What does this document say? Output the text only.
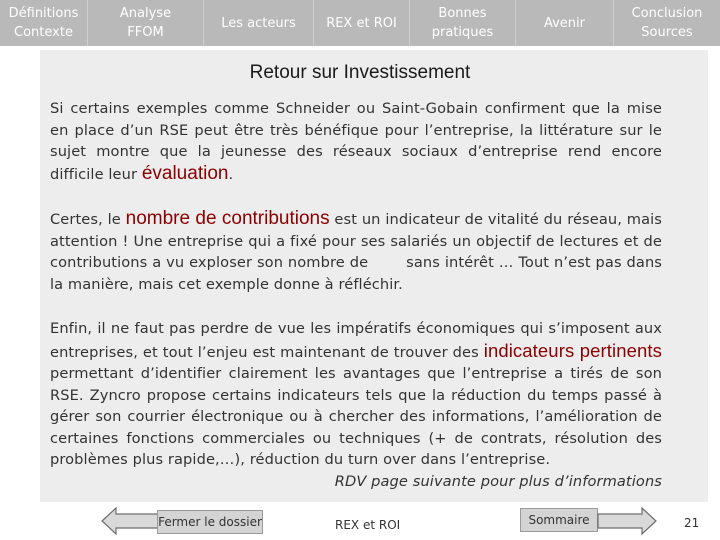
Définitions
Contexte
Analyse
FFOM
Les acteurs REX et ROI
Bonnes
pratiques
Avenir
Conclusion
Sources
Retour sur Investissement

Si certains exemples comme Schneider ou Saint-Gobain confirment que la mise en place d’un RSE peut être très bénéfique pour l’entreprise, la littérature sur le sujet montre que la jeunesse des réseaux sociaux d’entreprise rend encore difficile leur évaluation.

Certes, le nombre de contributions est un indicateur de vitalité du réseau, mais attention ! Une entreprise qui a fixé pour ses salariés un objectif de lectures et de contributions a vu exploser son nombre de	sans intérêt … Tout n’est pas dans la manière, mais cet exemple donne à réfléchir.

Enfin, il ne faut pas perdre de vue les impératifs économiques qui s’imposent aux entreprises, et tout l’enjeu est maintenant de trouver des indicateurs pertinents permettant d’identifier clairement les avantages que l’entreprise a tirés de son RSE. Zyncro propose certains indicateurs tels que la réduction du temps passé à gérer son courrier électronique ou à chercher des informations, l’amélioration de certaines fonctions commerciales ou techniques (+ de contrats, résolution des problèmes plus rapide,…), réduction du turn over dans l’entreprise.
RDV page suivante pour plus d’informations

Fermer le dossier	REX et ROI	Sommaire	21
